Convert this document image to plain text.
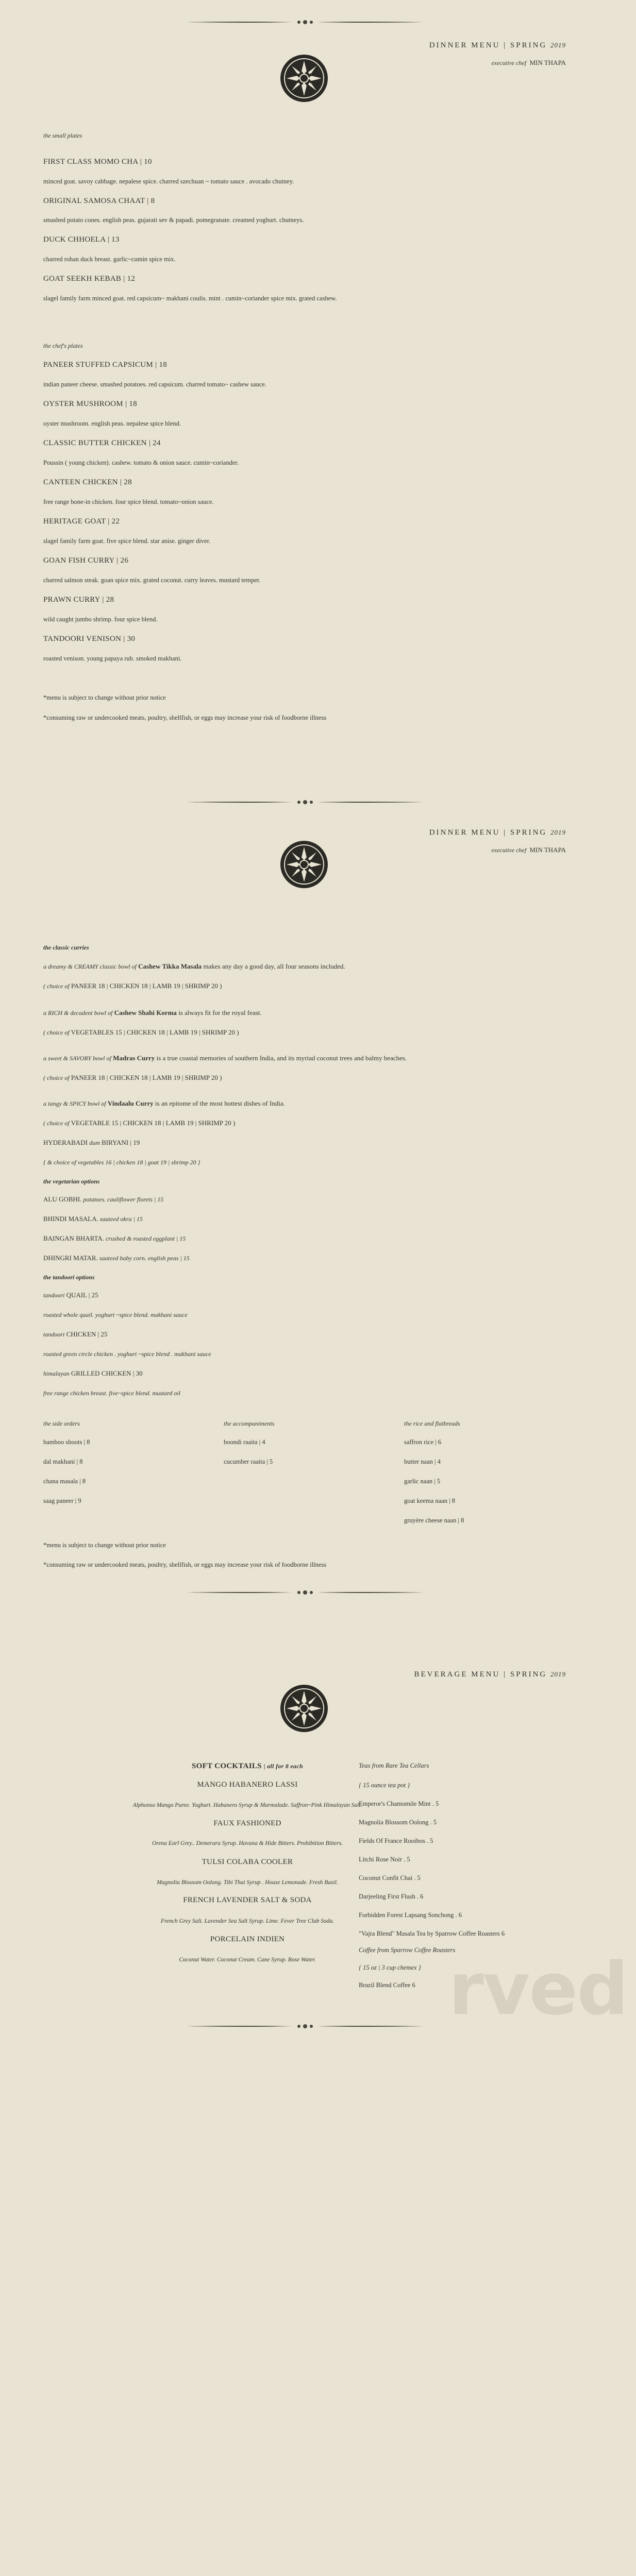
DINNER MENU | SPRING 2019
executive chef MIN THAPA
the small plates
FIRST CLASS MOMO CHA | 10
minced goat. savoy cabbage. nepalese spice. charred szechuan ~ tomato sauce . avocado chutney.
ORIGINAL SAMOSA CHAAT | 8
smashed potato cones. english peas. gujarati sev & papadi. pomegranate. creamed yoghurt. chutneys.
DUCK CHHOELA | 13
charred rohan duck breast. garlic~cumin spice mix.
GOAT SEEKH KEBAB | 12
slagel family farm minced goat. red capsicum~ makhani coulis. mint . cumin~coriander spice mix. grated cashew.
the chef's plates
PANEER STUFFED CAPSICUM | 18
indian paneer cheese. smashed potatoes. red capsicum. charred tomato~ cashew sauce.
OYSTER MUSHROOM | 18
oyster mushroom. english peas. nepalese spice blend.
CLASSIC BUTTER CHICKEN | 24
Poussin ( young chicken). cashew. tomato & onion sauce. cumin~coriander.
CANTEEN CHICKEN | 28
free range bone-in chicken. four spice blend. tomato~onion sauce.
HERITAGE GOAT | 22
slagel family farm goat. five spice blend. star anise. ginger diver.
GOAN FISH CURRY | 26
charred salmon steak. goan spice mix. grated coconut. curry leaves. mustard temper.
PRAWN CURRY | 28
wild caught jumbo shrimp. four spice blend.
TANDOORI VENISON | 30
roasted venison. young papaya rub. smoked makhani.
*menu is subject to change without prior notice
*consuming raw or undercooked meats, poultry, shellfish, or eggs may increase your risk of foodborne illness
DINNER MENU | SPRING 2019
executive chef MIN THAPA
the classic curries
a dreamy & CREAMY classic bowl of Cashew Tikka Masala makes any day a good day, all four seasons included.
( choice of PANEER 18 | CHICKEN 18 | LAMB 19 | SHRIMP 20 )
a RICH & decadent bowl of Cashew Shahi Korma is always fit for the royal feast.
( choice of VEGETABLES 15 | CHICKEN 18 | LAMB 19 | SHRIMP 20 )
a sweet & SAVORY bowl of Madras Curry is a true coastal memories of southern India, and its myriad coconut trees and balmy beaches.
( choice of PANEER 18 | CHICKEN 18 | LAMB 19 | SHRIMP 20 )
a tangy & SPICY bowl of Vindaalu Curry is an epitome of the most hottest dishes of India.
( choice of VEGETABLE 15 | CHICKEN 18 | LAMB 19 | SHRIMP 20 )
HYDERABADI dum BIRYANI | 19
{ & choice of vegetables 16 | chicken 18 | goat 19 | shrimp 20 }
the vegetarian options
ALU GOBHI. potatoes. cauliflower florets | 15
BHINDI MASALA. sauteed okra | 15
BAINGAN BHARTA. crushed & roasted eggplant | 15
DHINGRI MATAR. sauteed baby corn. english peas | 15
the tandoori options
tandoori QUAIL | 25
roasted whole quail. yoghurt ~spice blend. makhani sauce
tandoori CHICKEN | 25
roasted green circle chicken . yoghurt ~spice blend . makhani sauce
himalayan GRILLED CHICKEN | 30
free range chicken breast. five~spice blend. mustard oil
the side orders
bamboo shoots | 8
dal makhani | 8
chana masala | 8
saag paneer | 9
the accompaniments
boondi raaita | 4
cucumber raaita | 5
the rice and flatbreads
saffron rice | 6
butter naan | 4
garlic naan | 5
goat keema naan | 8
gruyère cheese naan | 8
*menu is subject to change without prior notice
*consuming raw or undercooked meats, poultry, shellfish, or eggs may increase your risk of foodborne illness
rved
BEVERAGE MENU | SPRING 2019
SOFT COCKTAILS | all for 8 each
MANGO HABANERO LASSI
Alphonso Mango Puree. Yoghurt. Habanero Syrup & Marmalade. Saffron~Pink Himalayan Salt.
FAUX FASHIONED
Orena Earl Grey.. Demerara Syrup. Havana & Hide Bitters. Prohibition Bitters.
TULSI COLABA COOLER
Magnolia Blossom Oolong. Tibi Thai Syrup . House Lemonade. Fresh Basil.
FRENCH LAVENDER SALT & SODA
French Grey Salt. Lavender Sea Salt Syrup. Lime. Fever Tree Club Soda.
PORCELAIN INDIEN
Coconut Water. Coconut Cream. Cane Syrup. Rose Water.
Teas from Rare Tea Cellars
{ 15 ounce tea pot }
Emperor's Chamomile Mint . 5
Magnolia Blossom Oolong . 5
Fields Of France Rooibos . 5
Litchi Rose Noir . 5
Coconut Confit Chai . 5
Darjeeling First Flush . 6
Forbidden Forest Lapsang Sonchong . 6
"Vajra Blend" Masala Tea by Sparrow Coffee Roasters 6
Coffee from Sparrow Coffee Roasters
{ 15 oz | 3 cup chemex }
Brazil Blend Coffee 6
